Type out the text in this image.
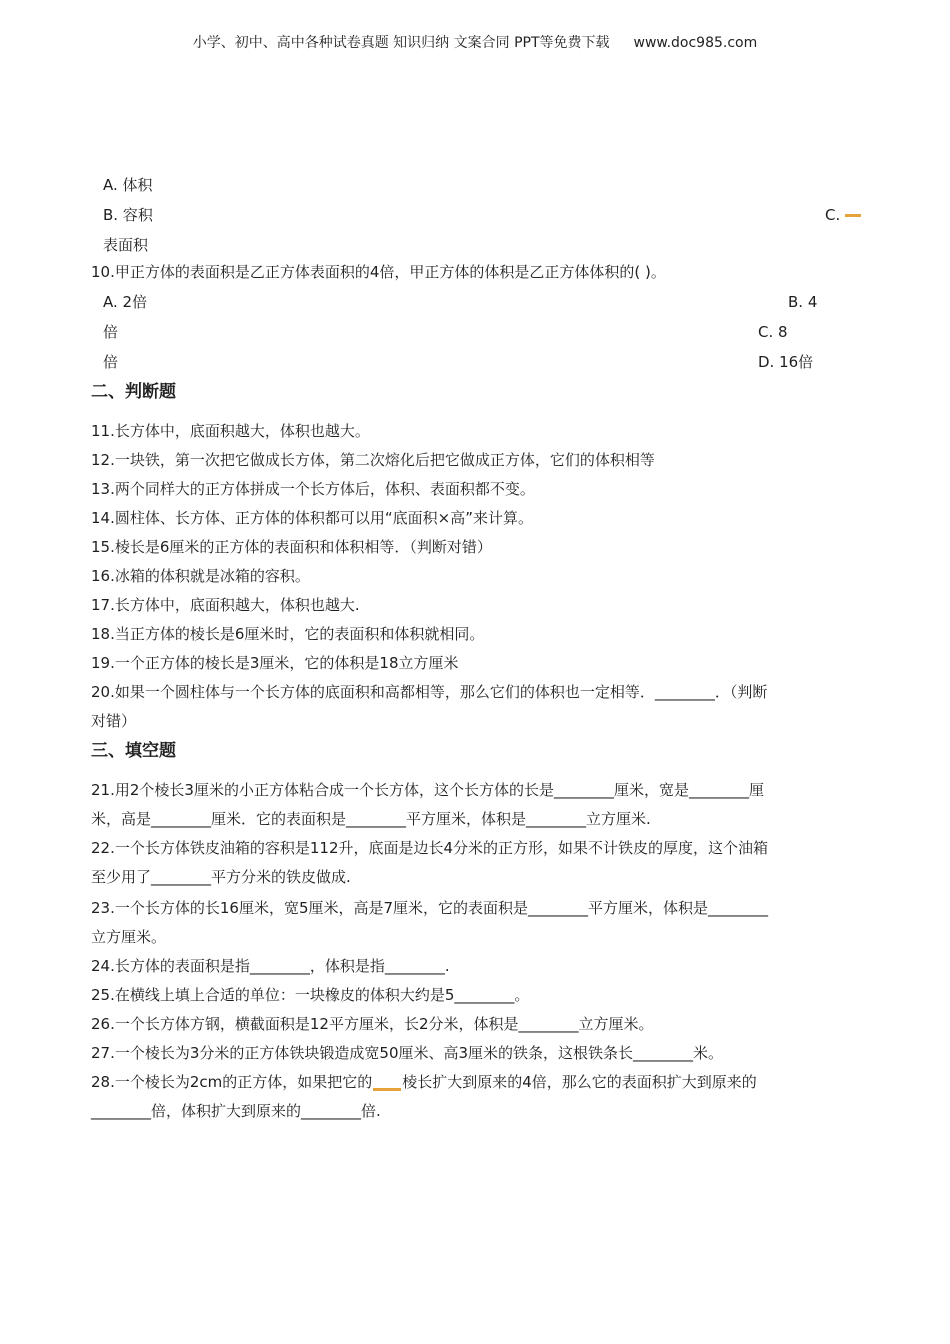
小学、初中、高中各种试卷真题 知识归纳 文案合同 PPT等免费下载 www.doc985.com
A. 体积
B. 容积	C.
表面积
10.甲正方体的表面积是乙正方体表面积的4倍，甲正方体的体积是乙正方体体积的( )。
A. 2倍	B. 4
倍	C. 8
倍	D. 16倍
二、判断题
11.长方体中，底面积越大，体积也越大。
12.一块铁，第一次把它做成长方体，第二次熔化后把它做成正方体，它们的体积相等
13.两个同样大的正方体拼成一个长方体后，体积、表面积都不变。
14.圆柱体、长方体、正方体的体积都可以用“底面积×高”来计算。
15.棱长是6厘米的正方体的表面积和体积相等．（判断对错）
16.冰箱的体积就是冰箱的容积。
17.长方体中，底面积越大，体积也越大.
18.当正方体的棱长是6厘米时，它的表面积和体积就相同。
19.一个正方体的棱长是3厘米，它的体积是18立方厘米
20.如果一个圆柱体与一个长方体的底面积和高都相等，那么它们的体积也一定相等．________．（判断
对错）
三、填空题
21.用2个棱长3厘米的小正方体粘合成一个长方体，这个长方体的长是________厘米，宽是________厘
米，高是________厘米．它的表面积是________平方厘米，体积是________立方厘米.
22.一个长方体铁皮油箱的容积是112升，底面是边长4分米的正方形，如果不计铁皮的厚度，这个油箱
至少用了________平方分米的铁皮做成.
23.一个长方体的长16厘米，宽5厘米，高是7厘米，它的表面积是________平方厘米，体积是________
立方厘米。
24.长方体的表面积是指________，体积是指________.
25.在横线上填上合适的单位：一块橡皮的体积大约是5________。
26.一个长方体方钢，横截面积是12平方厘米，长2分米，体积是________立方厘米。
27.一个棱长为3分米的正方体铁块锻造成宽50厘米、高3厘米的铁条，这根铁条长________米。
28.一个棱长为2cm的正方体，如果把它的 棱长扩大到原来的4倍，那么它的表面积扩大到原来的
________倍，体积扩大到原来的________倍.
